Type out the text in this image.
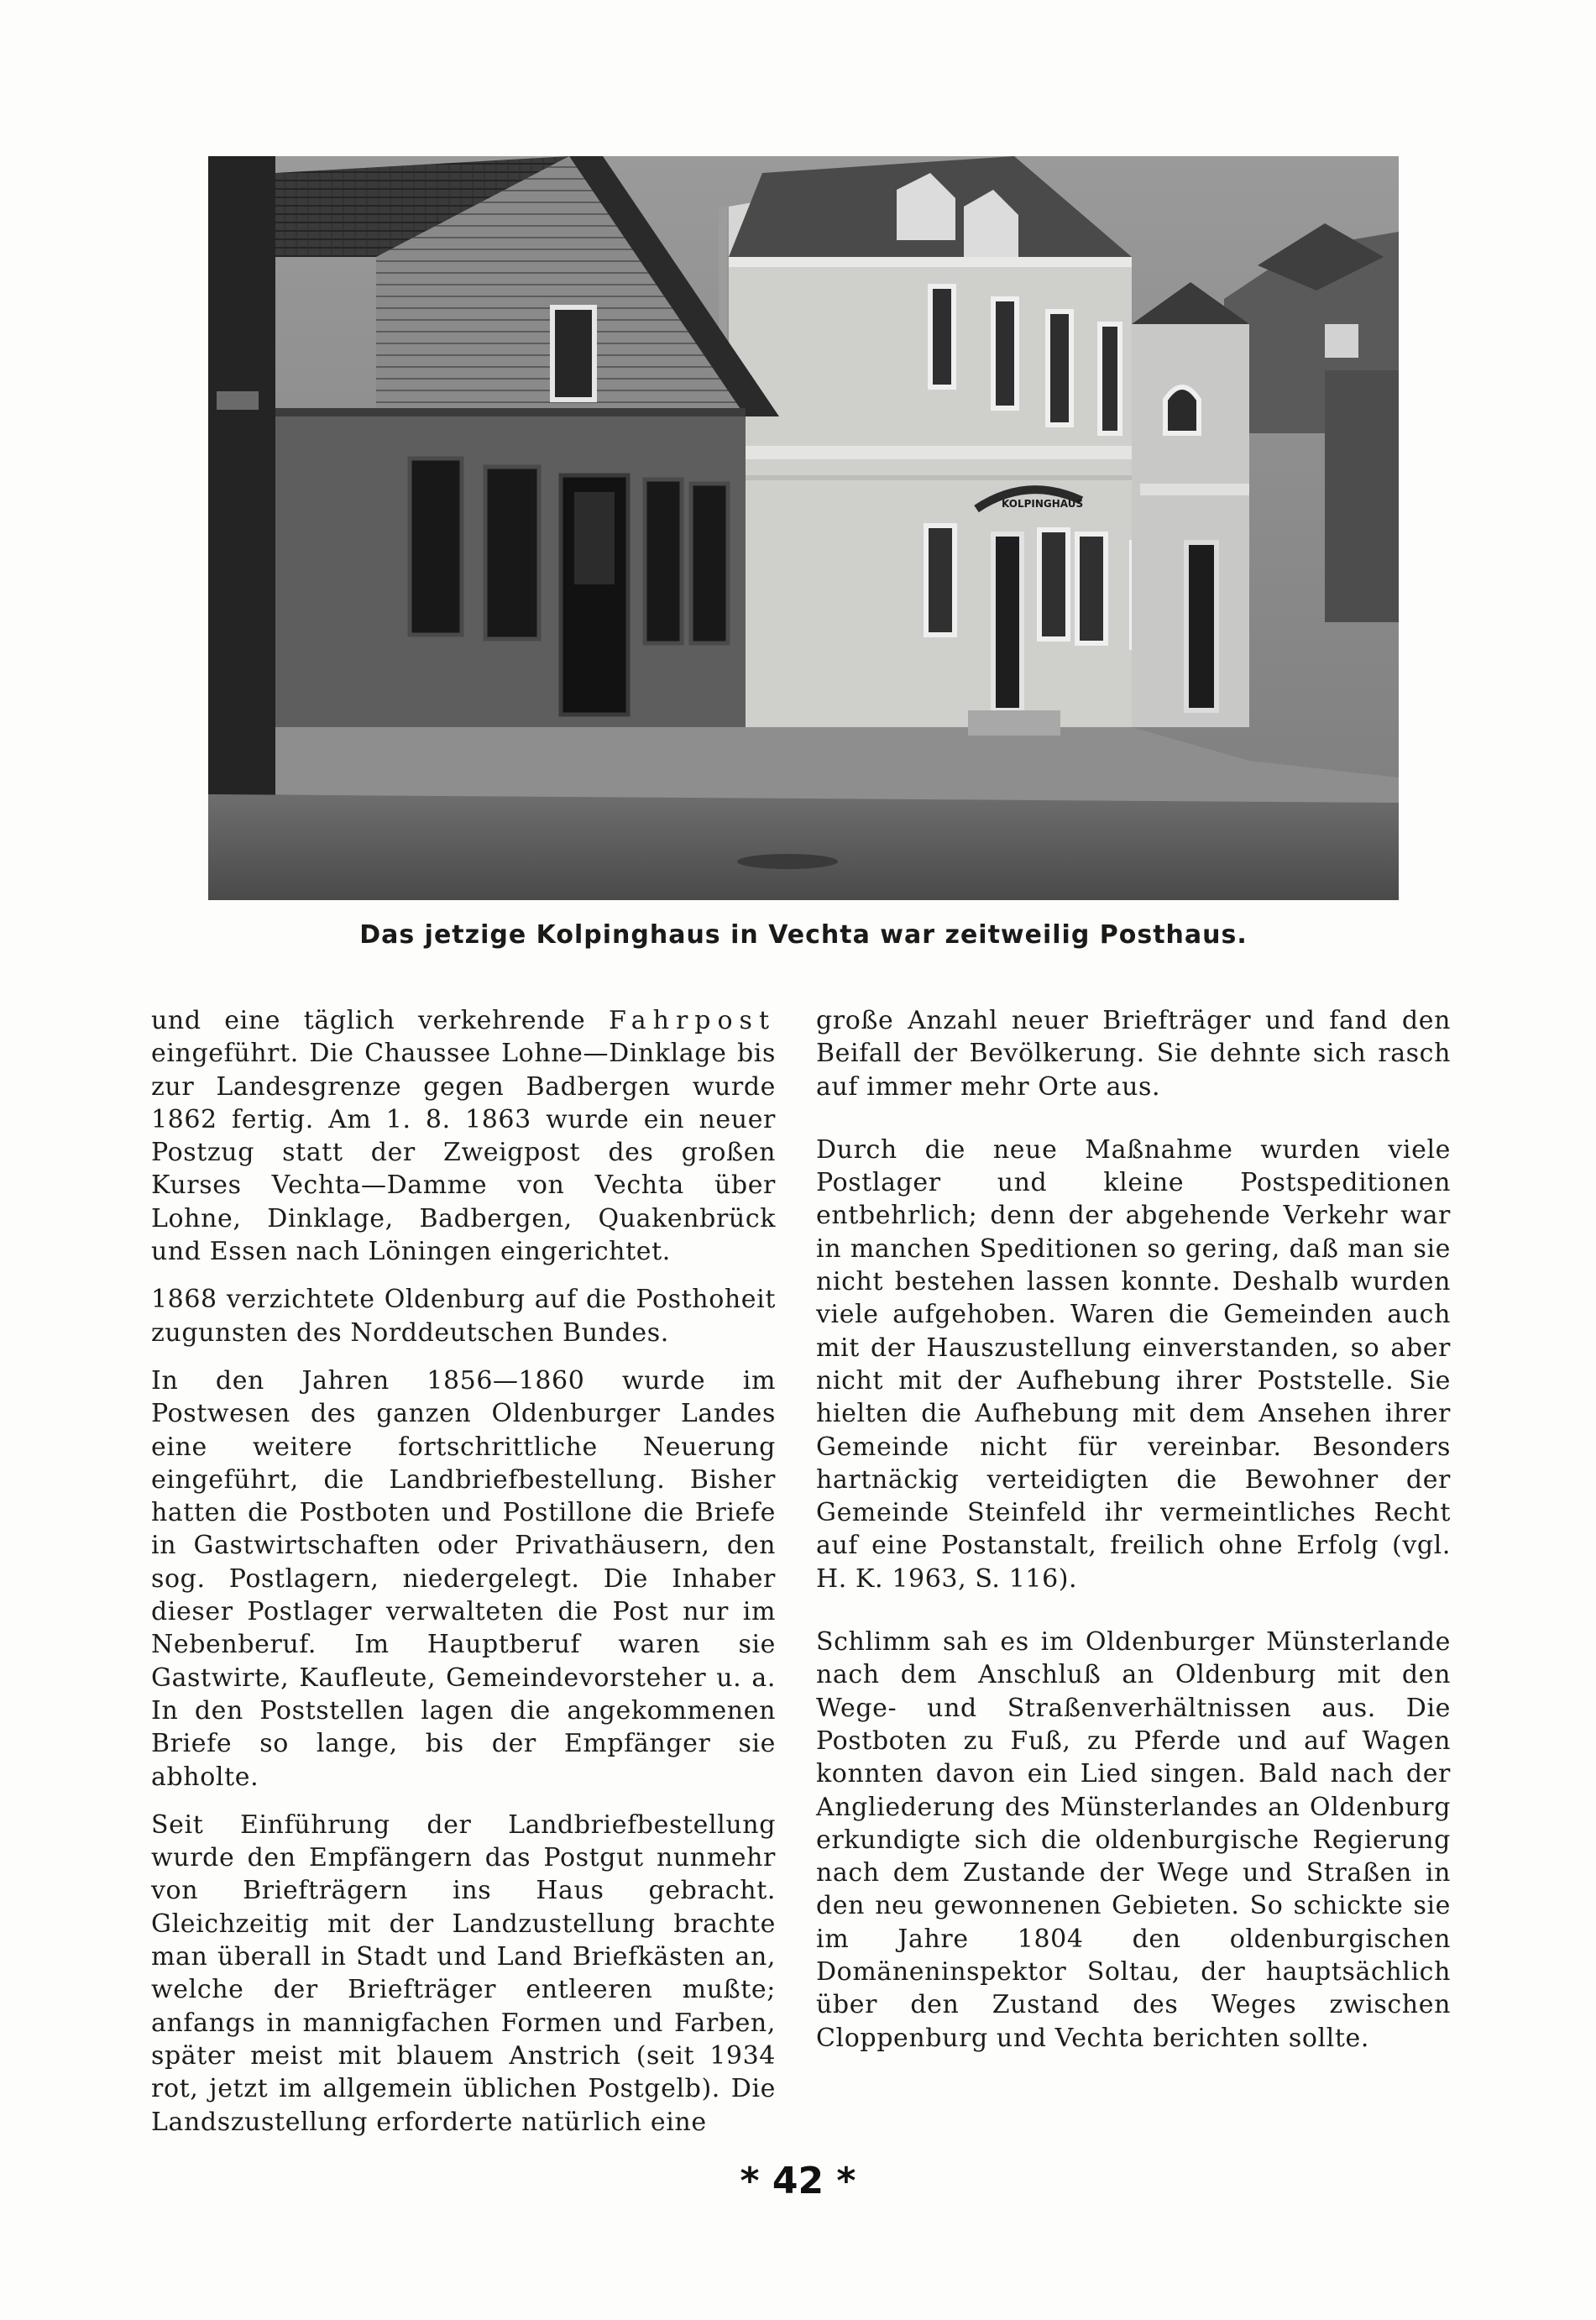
KOLPINGHAUS
Das jetzige Kolpinghaus in Vechta war zeitweilig Posthaus.

und eine täglich verkehrende Fahrpost eingeführt. Die Chaussee Lohne—Dinklage bis zur Landesgrenze gegen Badbergen wurde 1862 fertig. Am 1. 8. 1863 wurde ein neuer Postzug statt der Zweigpost des großen Kurses Vechta—Damme von Vechta über Lohne, Dinklage, Badbergen, Quakenbrück und Essen nach Löningen eingerichtet.

1868 verzichtete Oldenburg auf die Posthoheit zugunsten des Norddeutschen Bundes.

In den Jahren 1856—1860 wurde im Postwesen des ganzen Oldenburger Landes eine weitere fortschrittliche Neuerung eingeführt, die Landbriefbestellung. Bisher hatten die Postboten und Postillone die Briefe in Gastwirtschaften oder Privathäusern, den sog. Postlagern, niedergelegt. Die Inhaber dieser Postlager verwalteten die Post nur im Nebenberuf. Im Hauptberuf waren sie Gastwirte, Kaufleute, Gemeindevorsteher u. a. In den Poststellen lagen die angekommenen Briefe so lange, bis der Empfänger sie abholte.

Seit Einführung der Landbriefbestellung wurde den Empfängern das Postgut nunmehr von Briefträgern ins Haus gebracht. Gleichzeitig mit der Landzustellung brachte man überall in Stadt und Land Briefkästen an, welche der Briefträger entleeren mußte; anfangs in mannigfachen Formen und Farben, später meist mit blauem Anstrich (seit 1934 rot, jetzt im allgemein üblichen Postgelb). Die Landszustellung erforderte natürlich eine

große Anzahl neuer Briefträger und fand den Beifall der Bevölkerung. Sie dehnte sich rasch auf immer mehr Orte aus.

Durch die neue Maßnahme wurden viele Postlager und kleine Postspeditionen entbehrlich; denn der abgehende Verkehr war in manchen Speditionen so gering, daß man sie nicht bestehen lassen konnte. Deshalb wurden viele aufgehoben. Waren die Gemeinden auch mit der Hauszustellung einverstanden, so aber nicht mit der Aufhebung ihrer Poststelle. Sie hielten die Aufhebung mit dem Ansehen ihrer Gemeinde nicht für vereinbar. Besonders hartnäckig verteidigten die Bewohner der Gemeinde Steinfeld ihr vermeintliches Recht auf eine Postanstalt, freilich ohne Erfolg (vgl. H. K. 1963, S. 116).

Schlimm sah es im Oldenburger Münsterlande nach dem Anschluß an Oldenburg mit den Wege- und Straßenverhältnissen aus. Die Postboten zu Fuß, zu Pferde und auf Wagen konnten davon ein Lied singen. Bald nach der Angliederung des Münsterlandes an Oldenburg erkundigte sich die oldenburgische Regierung nach dem Zustande der Wege und Straßen in den neu gewonnenen Gebieten. So schickte sie im Jahre 1804 den oldenburgischen Domäneninspektor Soltau, der hauptsächlich über den Zustand des Weges zwischen Cloppenburg und Vechta berichten sollte.

* 42 *
